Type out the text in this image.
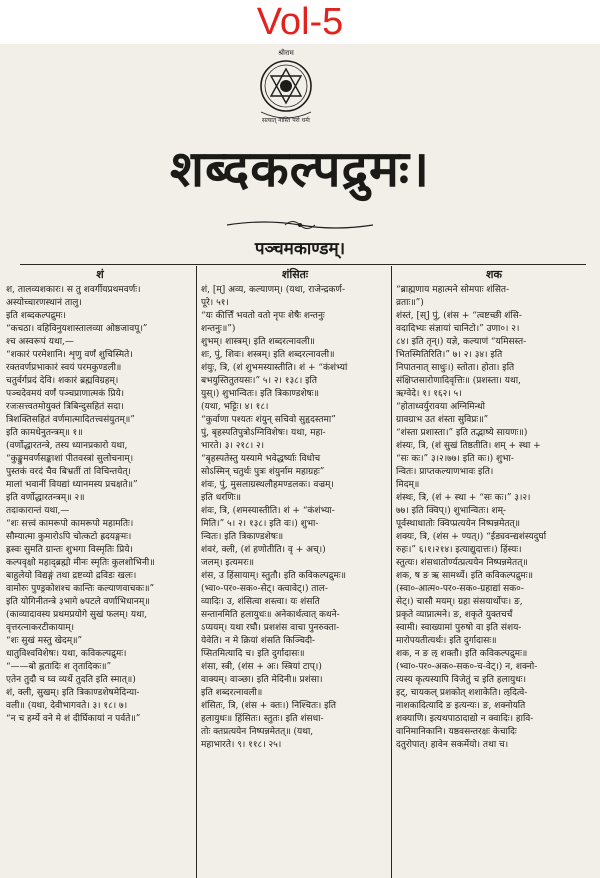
Vol-5
श्रीराम
सत्यात् नास्ति परो धर्मः
शब्दकल्पद्रुमः।
पञ्चमकाण्डम्।
शं
श, तालव्यशकारः। स तु शवर्गीयप्रथमवर्णः।
अस्योच्चारणस्थानं तालु।
इति शब्दकल्पद्रुमः।
“कचठा। वहिविनुयशास्तालव्या ओष्ठजावपू।”
श्च अस्वरूपं यथा,—
“शकारं परमेशानि। शृणु वर्णं शुचिस्मिते।
रक्तवर्णप्रभाकारं स्वयं परमकुण्डली॥
चतुर्वर्गप्रदं देवि। शकारं ब्रह्मविग्रहम्।
पञ्चदेवमयं वर्णं पञ्चप्राणात्मकं प्रिये।
रजःसत्त्वतमोयुक्तं त्रिबिन्दुसहितं सदा।
त्रिशक्तिसहितं वर्णमात्मादितत्त्वसंयुतम्॥”
इति कामधेनुतन्त्रम्॥ १॥
(वर्णोद्धारतन्त्रे, तस्य ध्यानप्रकारो यथा,
“कुङ्कुमवर्णसङ्काशां पीतवस्त्रां सुलोचनाम्।
पुस्तकं वरदं चैव बिभ्रतीं तां विचिन्तयेत्।
मालां भवानीं वियद्यां ध्यानमस्य प्रचक्षते॥”
इति वर्णोद्धारतन्त्रम्॥ २॥
तदाकारान्तं यथा,—
“शः सत्त्वं कामरूपो कामरूपो महामतिः।
सौम्यात्मा कुमारोऽपि चोत्कटो ह्रदयङ्गमः।
ह्रस्वः सुमति ग्रान्तः शुभगा विस्मृतिः प्रिये।
कल्पवृक्षो महाद्ब्रह्मो मीनः स्मृतिः कुलशोभिनी॥
बाहुलेयो विद्यङ्गं तथा द्रष्टव्यो द्रविडः खलः।
वामोरुः पुण्ड्रकोशश्च कान्तिः कल्याणवाचकः॥”
इति योगिनीतन्त्रे ३भागे ७पटले वर्णाभिधानम्॥
(काव्यादावस्य प्रथमप्रयोगे सुखं फलम्। यथा,
वृत्तरत्नाकरटीकायाम्।
“शः सुखं मस्तु खेदम्॥”
धातुविश्वविशेषः। यथा, कविकल्पद्रुमः।
“——बो ह्लतादिः श तृतादिकः॥”
एतेन तुदौ च घ्व व्यर्थे तुदति इति स्मात्॥)
शं, क्ली, सुखम्। इति त्रिकाण्डशेषमेदिन्या-
वली॥ (यथा, देवीभागवते। ३। १८। ७।
“न च हर्म्ये वने मे शं दीर्घिकायां न पर्वते॥”
शंसितः
शं, [म्] अव्य, कल्याणम्। (यथा, राजेन्द्रकर्ण-
पूरे। ५१।
“यः कीर्त्तिं भवतो वतो नृपः शेषैः शन्तनुः
शन्तनुः॥”)
शुभम्। शास्त्रम्। इति शब्दरत्नावली॥
शः, पुं, शिवः। शस्त्रम्। इति शब्दरत्नावली॥
शंयुः, त्रि, (शं शुभमस्यास्तीति। शं + “कंशंभ्यां
बभयुस्तितुतयसः।” ५। २। १३८। इति
युस्।) शुभान्वितः। इति त्रिकाण्डशेषः॥
(यथा, भट्टिः। ४। १८।
“कुर्वाणा पश्यतः शंयुन् सचिवो सुहृदस्तमा”
पुं, बृहस्पतिपुत्रोऽग्निविशेषः। यथा, महा-
भारते। ३। २१८। २।
“बृहस्पतेस्तु यस्यामे भवेद्धर्ष्याः विधोच
सोऽस्मिन् चतुर्थः पुत्रः शंयुर्नाम महाग्रहः”
शंवः, पुं, मुसलाग्रस्थलौहमण्डलकः। वज्रम्।
इति धरणिः॥
शंवः, त्रि, (शमस्यास्तीति। शं + “कंशंभ्या-
मिति।” ५। २। १३८। इति वः।) शुभा-
न्वितः। इति त्रिकाण्डशेषः॥
शंवरं, क्ली, (शं हणोतीति। वृ + अच्।)
जलम्। इत्यमरः॥
शंस, उ हिंसायाम्। स्तुतौ। इति कविकल्पद्रुमः॥
(भ्वा०-पर०-सक०-सेट्। क्त्वावेट्।) ताल-
व्यादिः। उ, शंसित्वा शस्त्वा। यः शंसति
सन्तानमिति हलायुधः॥ अनेकार्थत्वात् कथने-
ऽप्ययम्। यथा रघौ। प्रशशंस वाचा पुनरुक्ता-
येवेति। न मे क्रियां शंसति किञ्चिदी-
प्सितमित्यादि च। इति दुर्गादासः॥
शंसा, स्त्री, (शंस + अः। स्त्रियां टाप्।)
वाक्यम्। वाञ्छा। इति मेदिनी॥ प्रशंसा।
इति शब्दरत्नावली॥
शंसितः, त्रि, (शंस + क्तः।) निश्चितः। इति
हलायुधः॥ हिंसितः। स्तुतः। इति शंसधा-
तोः क्तप्रत्ययेन निष्पन्नमेतत्॥ (यथा,
महाभारते। ९। ११८। २५।
शक
“ब्राह्मणाय महात्मने सोमपाः शंसित-
व्रताः॥”)
शंस्तं, [स्] पुं, (शंस + “त्वष्टच्छी शंसि-
वदादिभ्यः संज्ञायां चानिटो।” उणा०। २।
८४। इति तृन्।) यज्ञे, कल्याणं “यमिसस्त-
भितस्मितिरिति।” ७। २। ३४। इति
निपातनात् साधुः।) स्तोता। होता। इति
संक्षिप्तसारोणादिवृत्तिः॥ (प्रशस्ता। यथा,
ऋग्वेदे। १। १६२। ५।
“होताध्वर्युरावया अग्निमिन्धो
ग्रावग्राभ उत शंस्ता सुविप्रः॥”
“शंस्ता प्रशास्ता।” इति तद्भाष्ये सायणः॥)
शंस्यः, त्रि, (शं सुखं तिष्ठतीति। शम् + स्था +
“सः कः।” ३।२।७७। इति कः।) शुभा-
न्वितः। प्राप्तकल्याणभावः इति।
मिदम्॥
शंस्थः, त्रि, (शं + स्था + “सः कः।” ३।२।
७७। इति क्विप्।) शुभान्वितः। शम्-
पूर्वस्थाधातोः क्विप्प्रत्ययेन निष्पन्नमेतत्॥
शक्यः, त्रि, (शंस + ण्यत्।) “ईड्यवन्द्यशंस्यदुर्घा
रुहः।” ६।१।२१४। इत्याद्युदात्तः।) हिंस्यः।
स्तुत्यः। शंसधातोर्ण्यत्प्रत्ययेन निष्पन्नमेतत्॥
शक, ष ङ ऋ सामर्थ्ये। इति कविकल्पद्रुमः॥
(स्वा०-आत्म०-पर०-सक०-ग्रहाद्यां सक०-
सेट्।) चासौ मयम्। ग्रहा संसयार्थोपः। ङ,
प्रकृते व्याप्नात्मने। ङ, शकृते युक्तचर्चं
स्वामी। स्वाख्यामां पुरुषो वा इति संशय-
मारोपयतीत्यर्थः। इति दुर्गादासः॥
शक, न ङ ऌ शक्तौ। इति कविकल्पद्रुमः॥
(भ्वा०-पर०-अक०-सक०-च-वेट्।) न, शक्नो-
त्यस्य कृत्यस्यापि विजेतुं च इति हलायुधः।
इट्, चायकल् प्रशकोत् शशाकेति। ऌदित्वे-
नाशकादित्यादि ङ इत्यन्यः। ङ, शक्नोयति
शक्याणि। इत्यथपाठादाद्यो न क्वादिः। हावि-
वानिमानिकानि। यष्ठवसन्तरक्षः केचादिः
दतुरोपात्। हावेन सकर्मेयो। तथा च।
